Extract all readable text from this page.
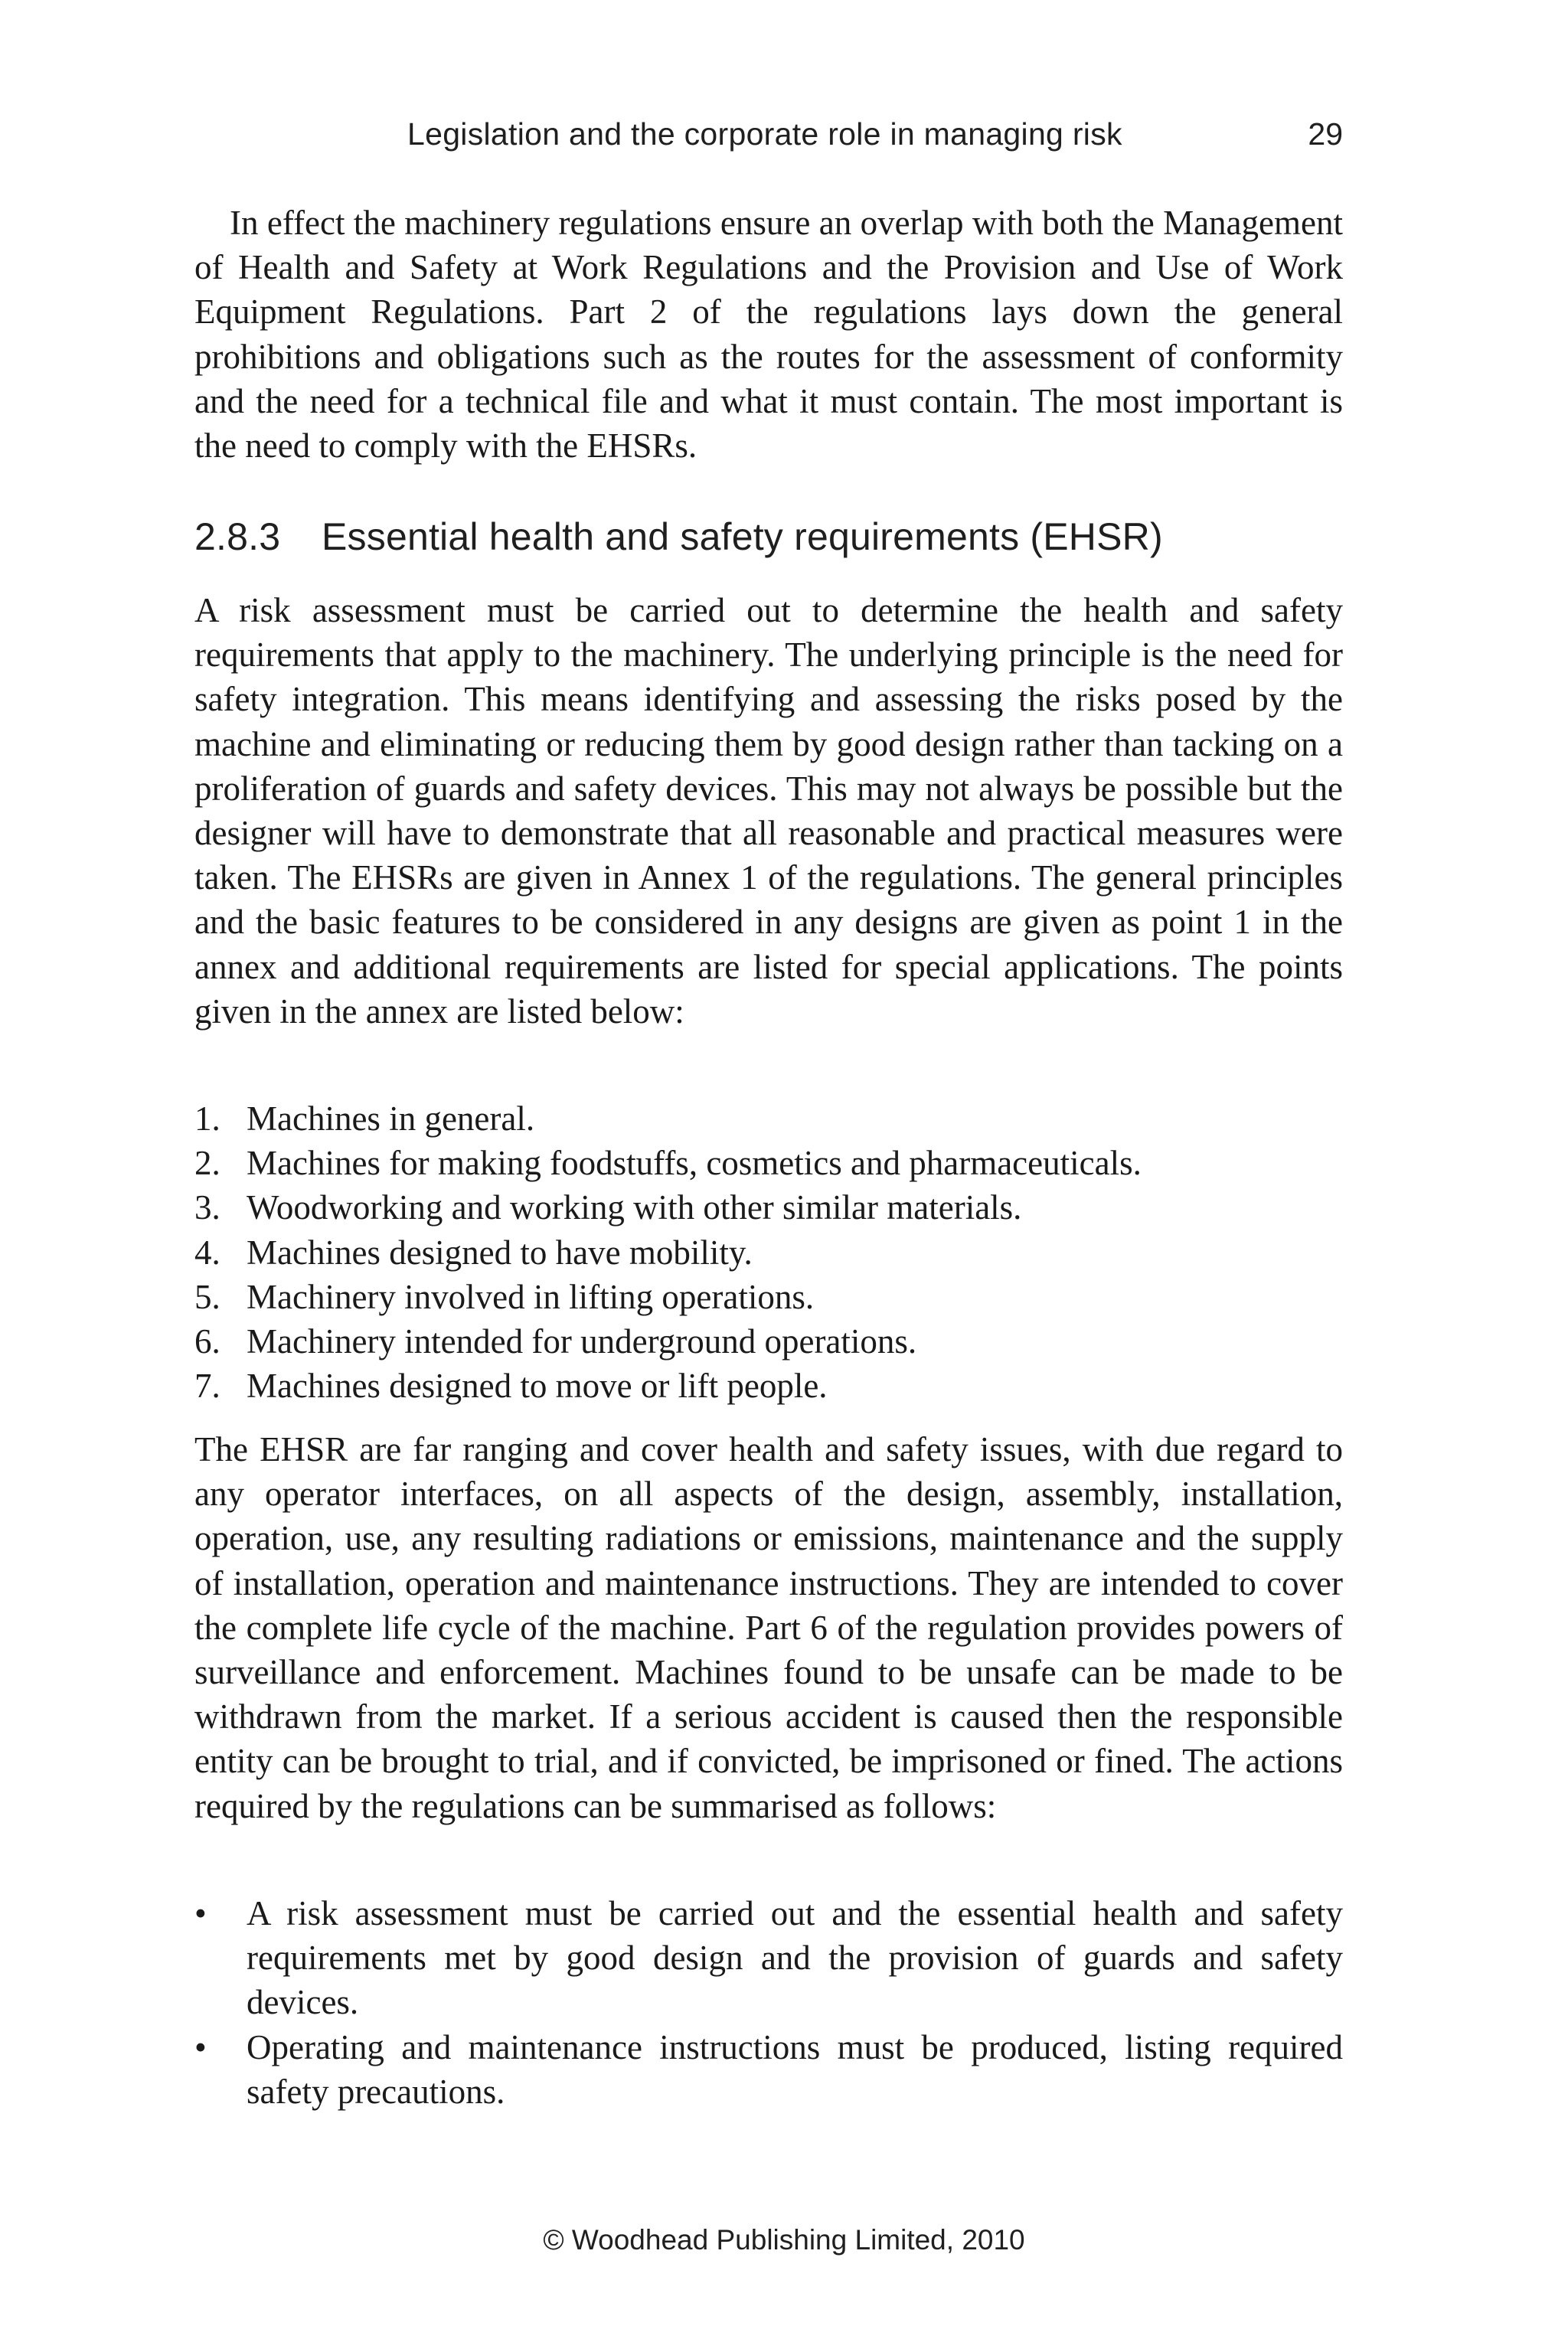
Legislation and the corporate role in managing risk	29

In effect the machinery regulations ensure an overlap with both the Management of Health and Safety at Work Regulations and the Provision and Use of Work Equipment Regulations. Part 2 of the regulations lays down the general prohibitions and obligations such as the routes for the assessment of conformity and the need for a technical file and what it must contain. The most important is the need to comply with the EHSRs.

2.8.3 Essential health and safety requirements (EHSR)

A risk assessment must be carried out to determine the health and safety requirements that apply to the machinery. The underlying principle is the need for safety integration. This means identifying and assessing the risks posed by the machine and eliminating or reducing them by good design rather than tacking on a proliferation of guards and safety devices. This may not always be possible but the designer will have to demonstrate that all reasonable and practical measures were taken. The EHSRs are given in Annex 1 of the regulations. The general principles and the basic features to be considered in any designs are given as point 1 in the annex and additional requirements are listed for special applications. The points given in the annex are listed below:

1. Machines in general.
2. Machines for making foodstuffs, cosmetics and pharmaceuticals.
3. Woodworking and working with other similar materials.
4. Machines designed to have mobility.
5. Machinery involved in lifting operations.
6. Machinery intended for underground operations.
7. Machines designed to move or lift people.

The EHSR are far ranging and cover health and safety issues, with due regard to any operator interfaces, on all aspects of the design, assembly, installation, operation, use, any resulting radiations or emissions, maintenance and the supply of installation, operation and maintenance instructions. They are intended to cover the complete life cycle of the machine. Part 6 of the regulation provides powers of surveillance and enforcement. Machines found to be unsafe can be made to be withdrawn from the market. If a serious accident is caused then the responsible entity can be brought to trial, and if convicted, be imprisoned or fined. The actions required by the regulations can be summarised as follows:

•	A risk assessment must be carried out and the essential health and safety requirements met by good design and the provision of guards and safety devices.
•	Operating and maintenance instructions must be produced, listing required safety precautions.
© Woodhead Publishing Limited, 2010
